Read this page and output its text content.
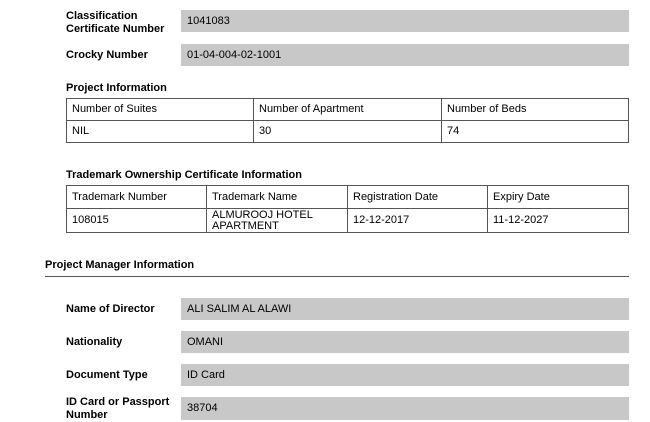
Classification
Certificate Number
1041083
Crocky Number	01-04-004-02-1001
Project Information
Number of Suites	Number of Apartment	Number of Beds
NIL	30	74
Trademark Ownership Certificate Information
Trademark Number	Trademark Name	Registration Date	Expiry Date
108015	ALMUROOJ HOTEL APARTMENT	12-12-2017	11-12-2027
Project Manager Information
Name of Director	ALI SALIM AL ALAWI
Nationality	OMANI
Document Type	ID Card
ID Card or Passport
Number
38704
